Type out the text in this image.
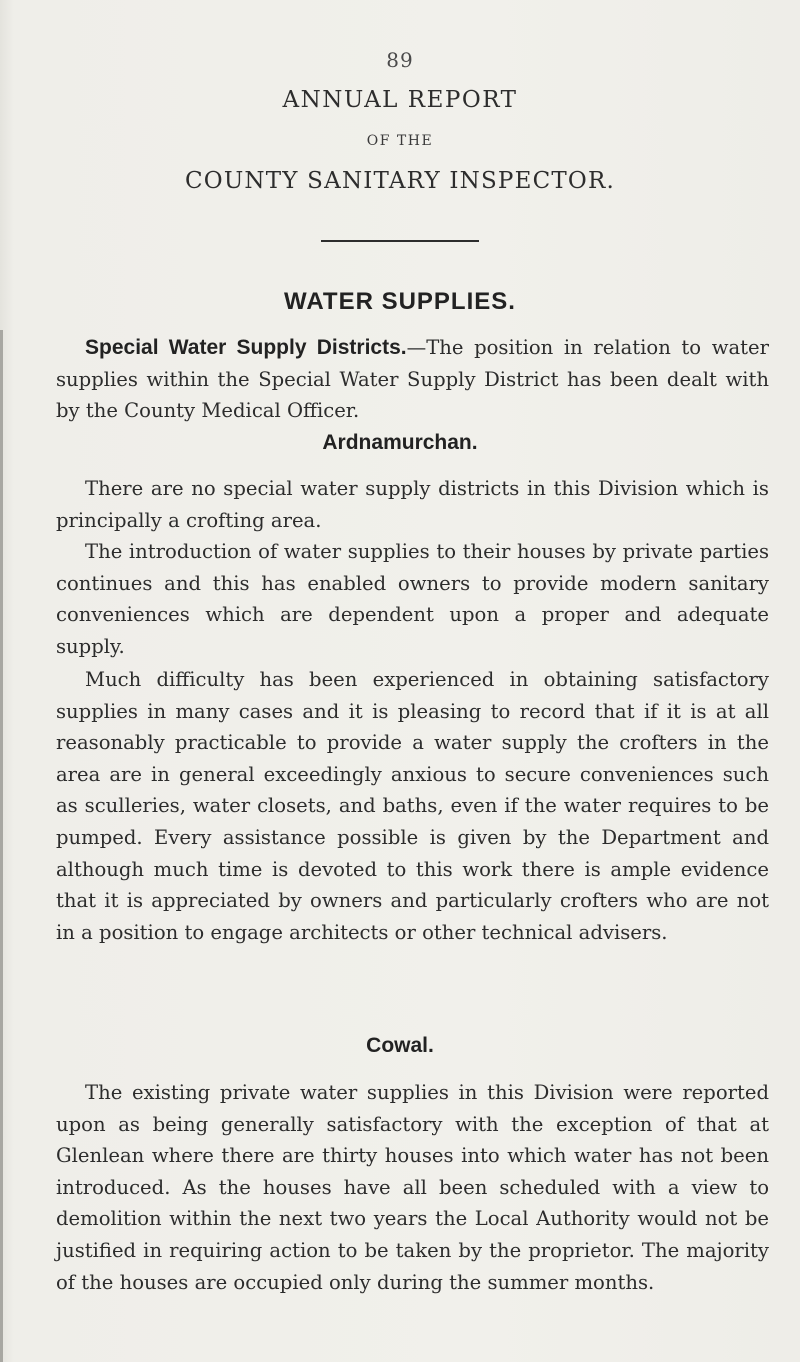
89
ANNUAL REPORT
OF THE
COUNTY SANITARY INSPECTOR.
WATER SUPPLIES.

Special Water Supply Districts.—The position in relation to water supplies within the Special Water Supply District has been dealt with by the County Medical Officer.

Ardnamurchan.

There are no special water supply districts in this Division which is principally a crofting area.

The introduction of water supplies to their houses by private parties continues and this has enabled owners to provide modern sanitary conveniences which are dependent upon a proper and adequate supply.

Much difficulty has been experienced in obtaining satisfactory supplies in many cases and it is pleasing to record that if it is at all reasonably practicable to provide a water supply the crofters in the area are in general exceedingly anxious to secure conveniences such as sculleries, water closets, and baths, even if the water requires to be pumped. Every assistance possible is given by the Department and although much time is devoted to this work there is ample evidence that it is appreciated by owners and particularly crofters who are not in a position to engage architects or other technical advisers.

Cowal.

The existing private water supplies in this Division were reported upon as being generally satisfactory with the exception of that at Glenlean where there are thirty houses into which water has not been introduced. As the houses have all been scheduled with a view to demolition within the next two years the Local Authority would not be justified in requiring action to be taken by the proprietor. The majority of the houses are occupied only during the summer months.
